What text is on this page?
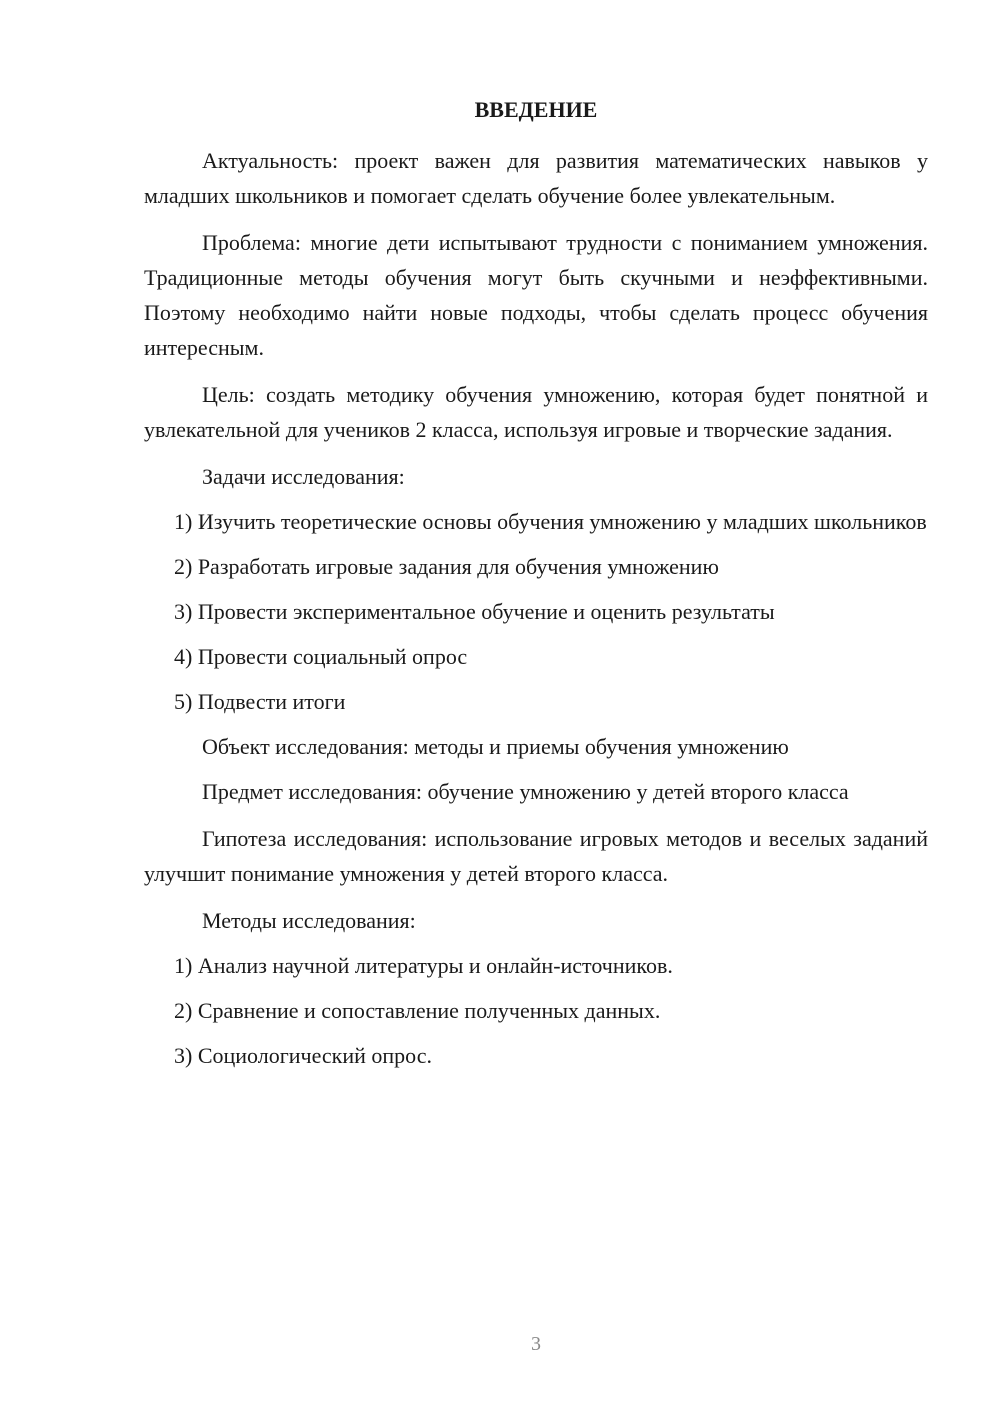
ВВЕДЕНИЕ

Актуальность: проект важен для развития математических навыков у младших школьников и помогает сделать обучение более увлекательным.

Проблема: многие дети испытывают трудности с пониманием умножения. Традиционные методы обучения могут быть скучными и неэффективными. Поэтому необходимо найти новые подходы, чтобы сделать процесс обучения интересным.

Цель: создать методику обучения умножению, которая будет понятной и увлекательной для учеников 2 класса, используя игровые и творческие задания.

Задачи исследования:

1) Изучить теоретические основы обучения умножению у младших школьников

2) Разработать игровые задания для обучения умножению

3) Провести экспериментальное обучение и оценить результаты

4) Провести социальный опрос

5) Подвести итоги

Объект исследования: методы и приемы обучения умножению

Предмет исследования: обучение умножению у детей второго класса

Гипотеза исследования: использование игровых методов и веселых заданий улучшит понимание умножения у детей второго класса.

Методы исследования:

1) Анализ научной литературы и онлайн-источников.

2) Сравнение и сопоставление полученных данных.

3) Социологический опрос.

3
